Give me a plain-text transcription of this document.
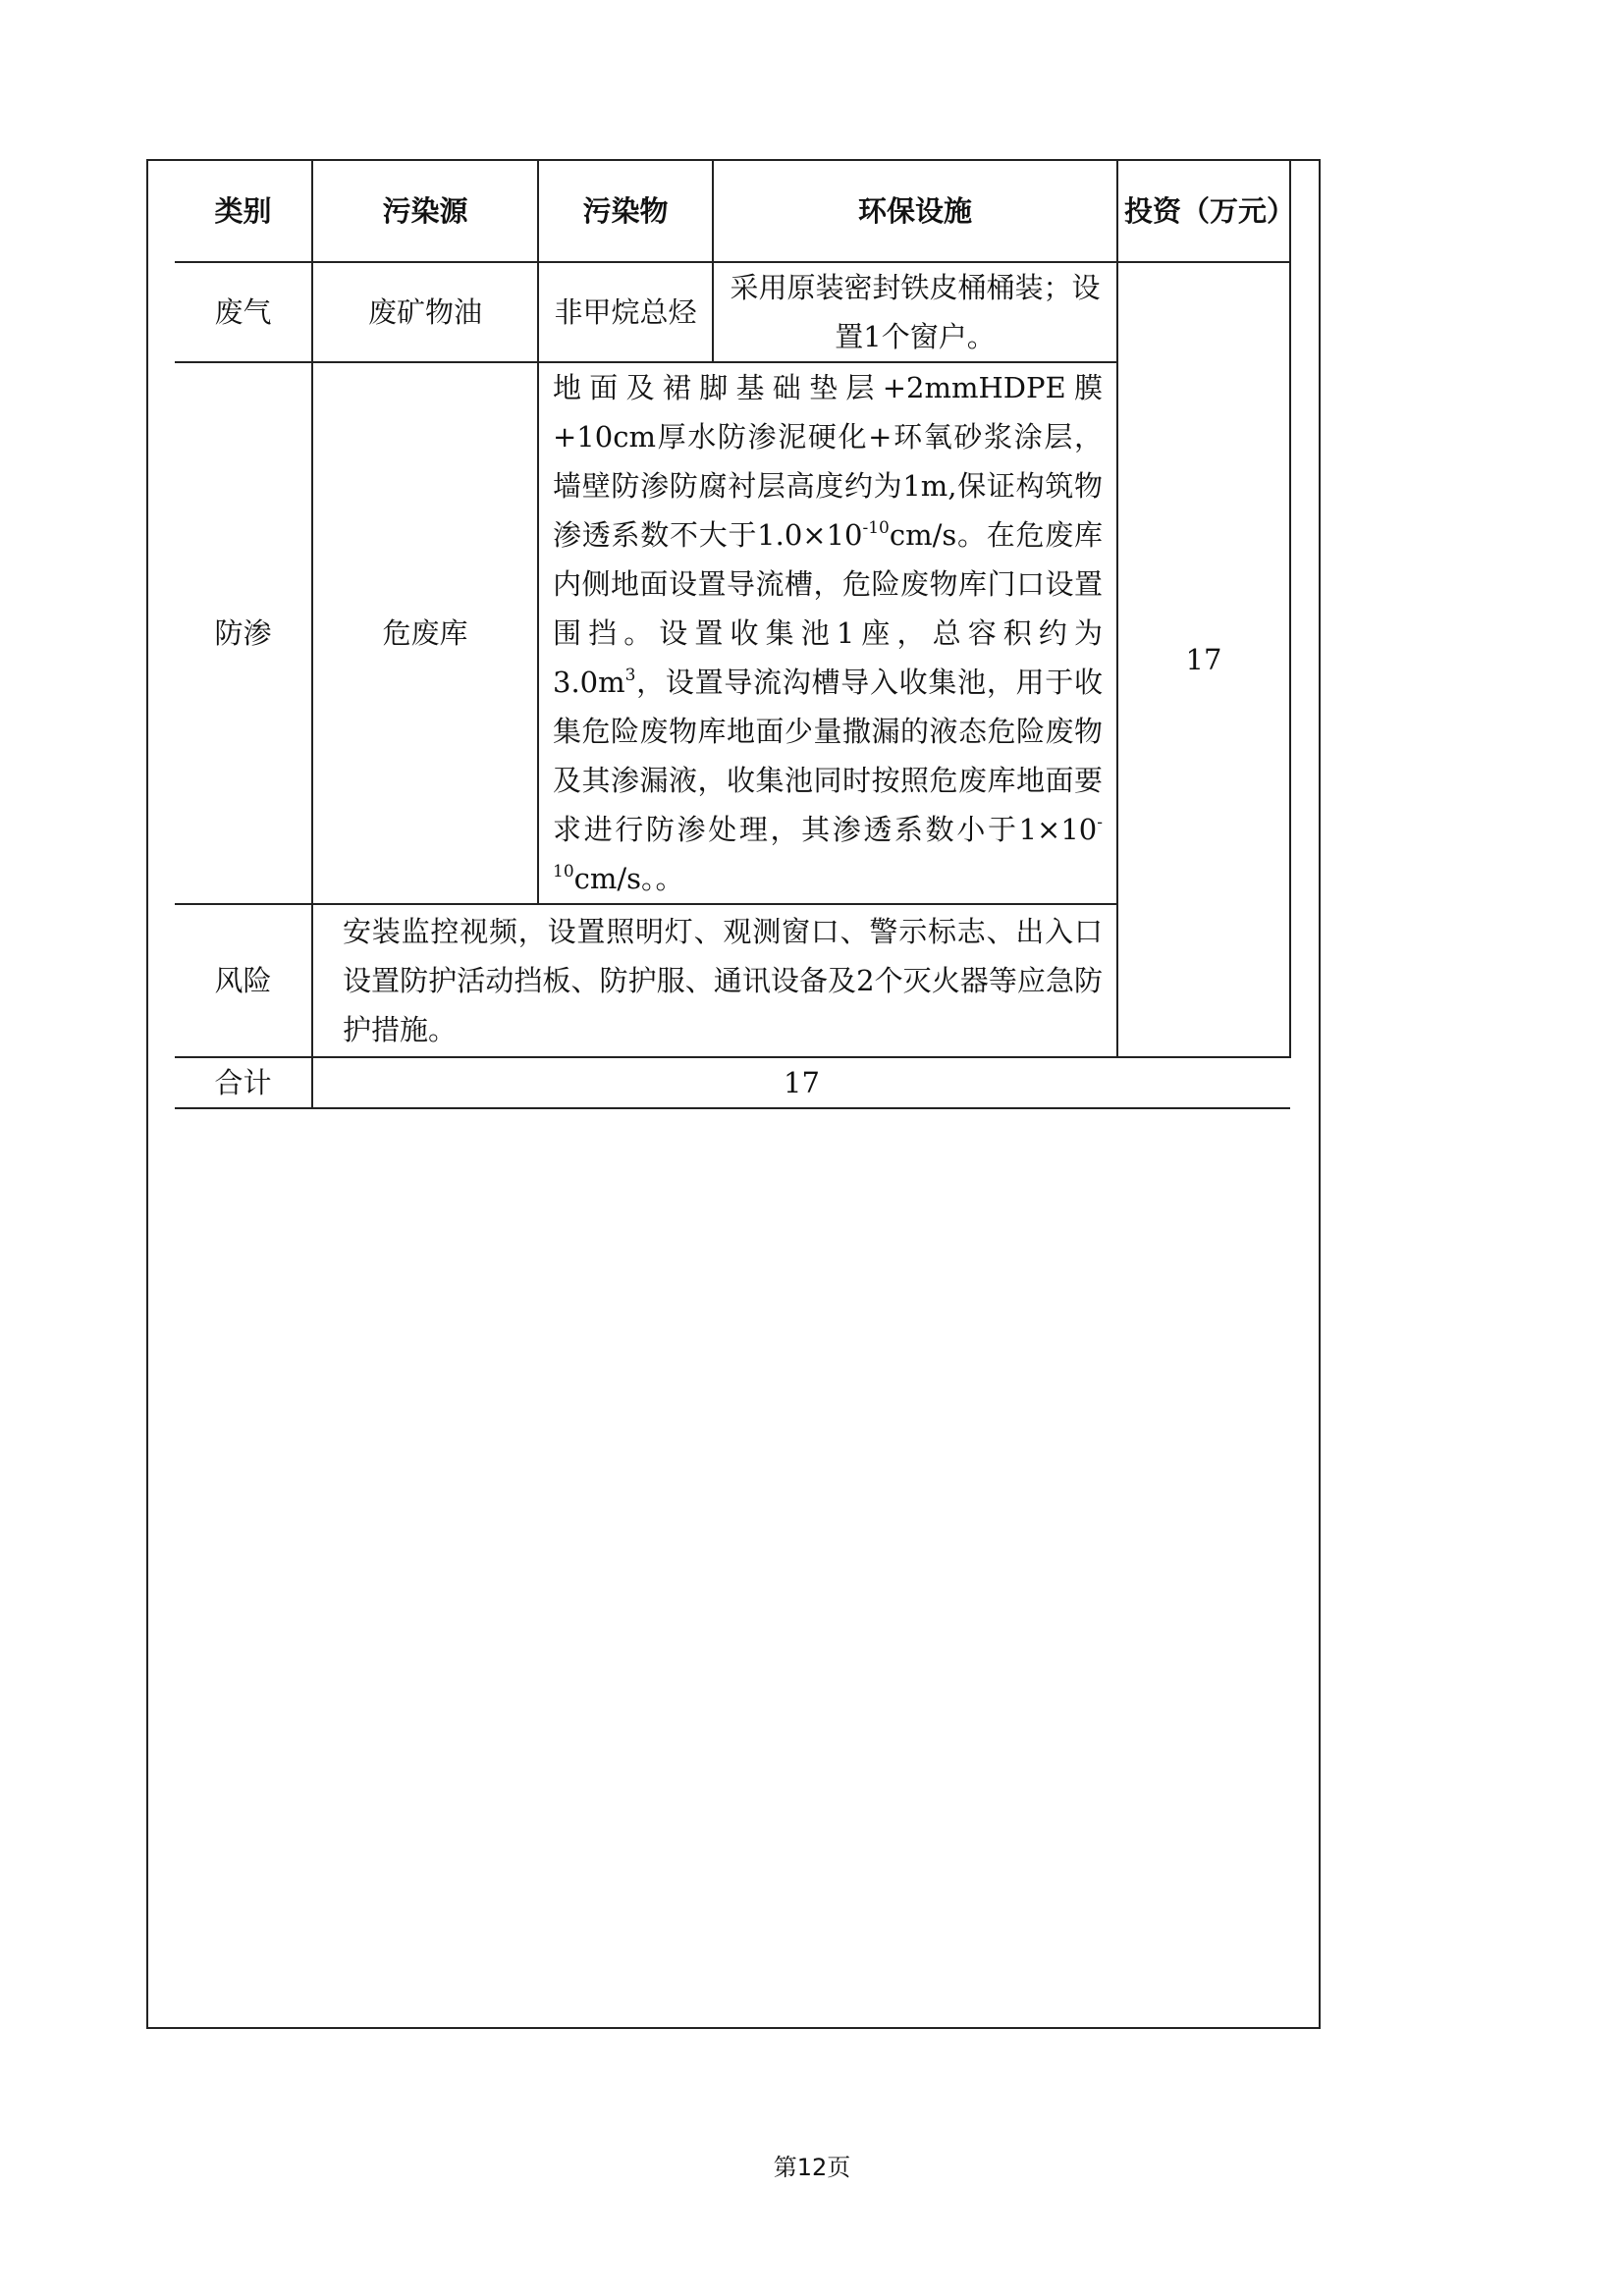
类别	污染源	污染物	环保设施	投资（万元）
废气	废矿物油	非甲烷总烃	采用原装密封铁皮桶桶装；设置1个窗户。	17
防渗	危废库	地面及裙脚基础垫层+2mmHDPE膜+10cm厚水防渗泥硬化+环氧砂浆涂层，墙壁防渗防腐衬层高度约为1m,保证构筑物渗透系数不大于$1.0\times 10^{-10}cm/s$。在危废库内侧地面设置导流槽，危险废物库门口设置围挡。设置收集池1座，总容积约为$3.0m^3$，设置导流沟槽导入收集池，用于收集危险废物库地面少量撒漏的液态危险废物及其渗漏液，收集池同时按照危废库地面要求进行防渗处理，其渗透系数小于$1\times 10^{-10}cm/s$。。		

风险	安装监控视频，设置照明灯、观测窗口、警示标志、出入口设置防护活动挡板、防护服、通讯设备及2个灭火器等应急防护措施。			
合计	17			
第12页
